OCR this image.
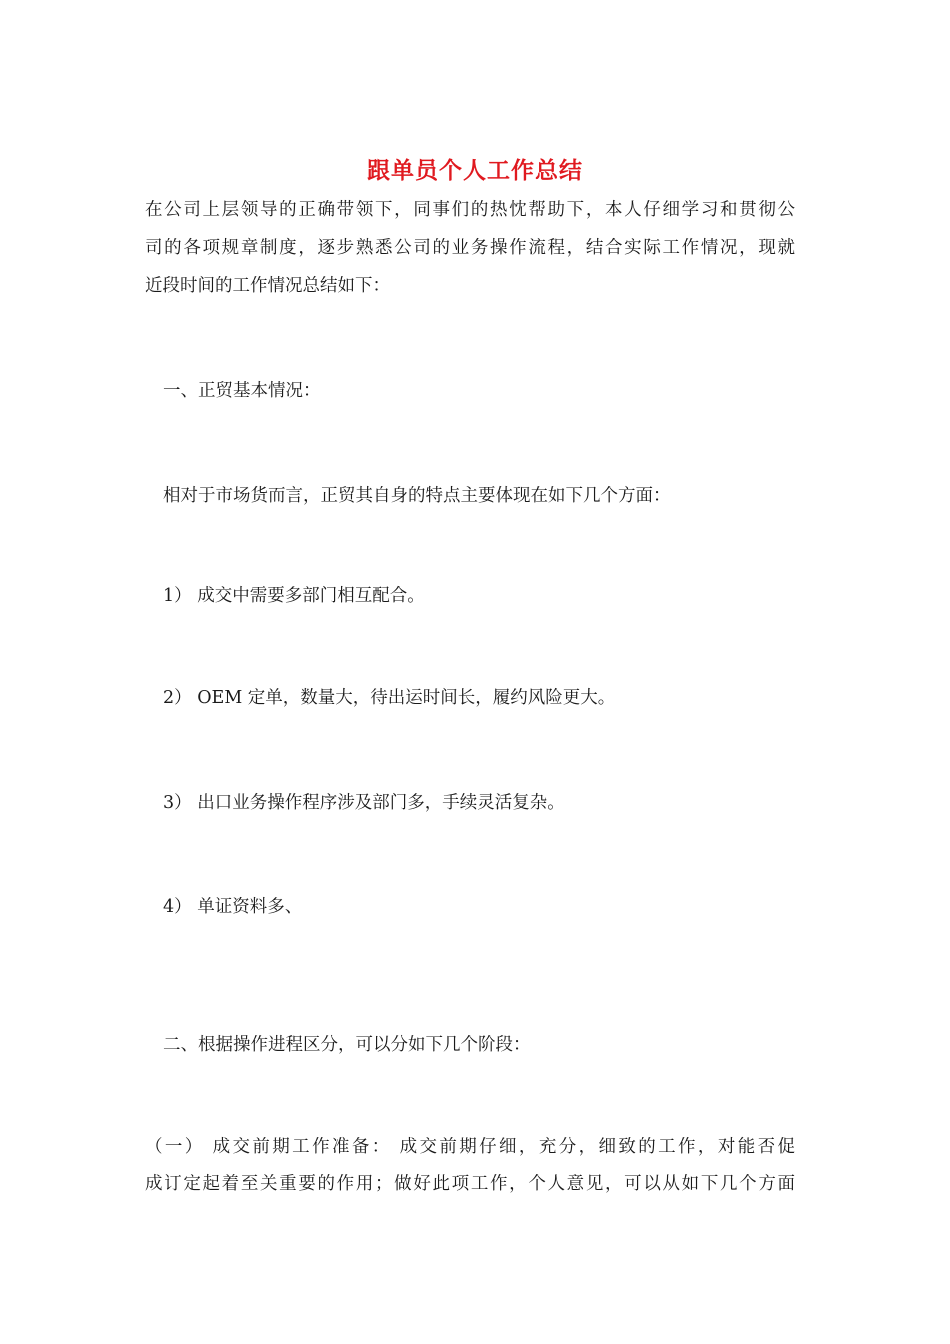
跟单员个人工作总结
在公司上层领导的正确带领下，同事们的热忱帮助下，本人仔细学习和贯彻公
司的各项规章制度，逐步熟悉公司的业务操作流程，结合实际工作情况，现就
近段时间的工作情况总结如下：
一、正贸基本情况：
相对于市场货而言，正贸其自身的特点主要体现在如下几个方面：
1） 成交中需要多部门相互配合。
2） OEM 定单，数量大，待出运时间长，履约风险更大。
3） 出口业务操作程序涉及部门多，手续灵活复杂。
4） 单证资料多、
二、根据操作进程区分，可以分如下几个阶段：
（一） 成交前期工作准备： 成交前期仔细，充分，细致的工作，对能否促
成订定起着至关重要的作用；做好此项工作，个人意见，可以从如下几个方面
